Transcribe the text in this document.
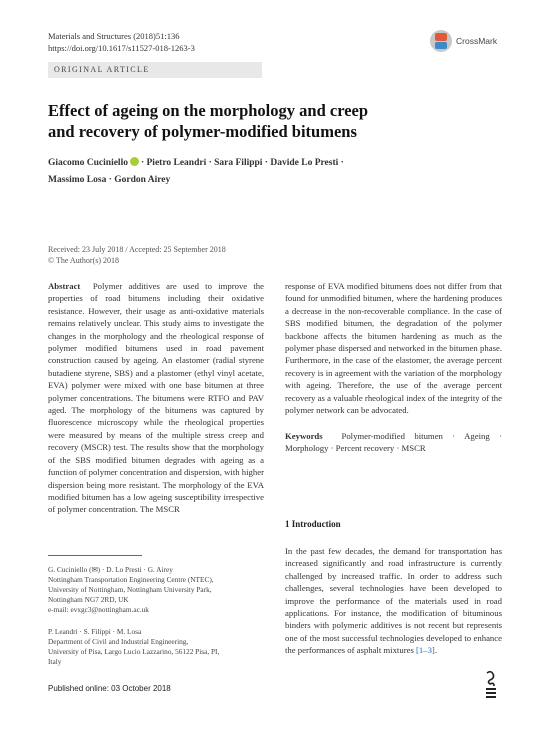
Materials and Structures (2018)51:136
https://doi.org/10.1617/s11527-018-1263-3
CrossMark
ORIGINAL ARTICLE
Effect of ageing on the morphology and creep and recovery of polymer-modified bitumens
Giacomo Cuciniello · Pietro Leandri · Sara Filippi · Davide Lo Presti ·
Massimo Losa · Gordon Airey
Received: 23 July 2018 / Accepted: 25 September 2018
© The Author(s) 2018
Abstract Polymer additives are used to improve the properties of road bitumens including their oxidative resistance. However, their usage as anti-oxidative materials remains relatively unclear. This study aims to investigate the changes in the morphology and the rheological response of polymer modified bitumens used in road pavement construction caused by ageing. An elastomer (radial styrene butadiene styrene, SBS) and a plastomer (ethyl vinyl acetate, EVA) polymer were mixed with one base bitumen at three polymer concentrations. The bitumens were RTFO and PAV aged. The morphology of the bitumens was captured by fluorescence microscopy while the rheological properties were measured by means of the multiple stress creep and recovery (MSCR) test. The results show that the morphology of the SBS modified bitumen degrades with ageing as a function of polymer concentration and dispersion, with higher dispersion being more resistant. The morphology of the EVA modified bitumen has a low ageing susceptibility irrespective of polymer concentration. The MSCR
response of EVA modified bitumens does not differ from that found for unmodified bitumen, where the hardening produces a decrease in the non-recoverable compliance. In the case of SBS modified bitumen, the degradation of the polymer backbone affects the bitumen hardening as much as the polymer phase dispersed and networked in the bitumen phase. Furthermore, in the case of the elastomer, the average percent recovery is in agreement with the variation of the morphology with ageing. Therefore, the use of the average percent recovery as a valuable rheological index of the integrity of the polymer network can be advocated.
Keywords Polymer-modified bitumen · Ageing · Morphology · Percent recovery · MSCR
1 Introduction
In the past few decades, the demand for transportation has increased significantly and road infrastructure is currently challenged by increased traffic. In order to address such challenges, several technologies have been developed to improve the performance of the materials used in road applications. For instance, the modification of bituminous binders with polymeric additives is not recent but represents one of the most successful technologies developed to enhance the performances of asphalt mixtures [1–3].
G. Cuciniello (✉) · D. Lo Presti · G. Airey
Nottingham Transportation Engineering Centre (NTEC),
University of Nottingham, Nottingham University Park,
Nottingham NG7 2RD, UK
e-mail: evxgc3@nottingham.ac.uk
P. Leandri · S. Filippi · M. Losa
Department of Civil and Industrial Engineering,
University of Pisa, Largo Lucio Lazzarino, 56122 Pisa, PI,
Italy
Published online: 03 October 2018
